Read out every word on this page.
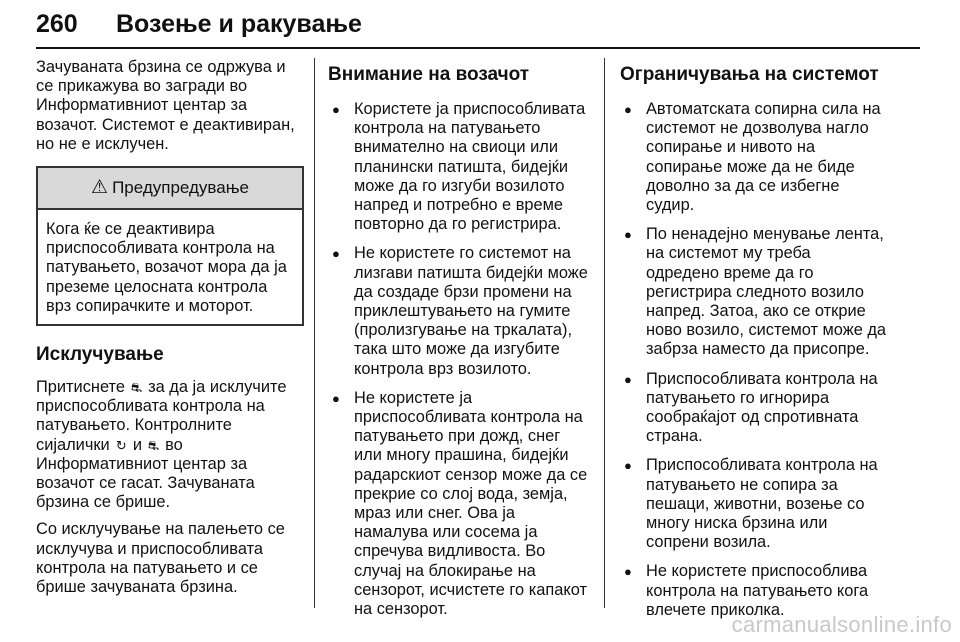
260 Возење и ракување

Зачуваната брзина се одржува и се прикажува во загради во Информативниот центар за возачот. Системот е деактивиран, но не е исклучен.

⚠ Предупредување
Кога ќе се деактивира приспособливата контрола на патувањето, возачот мора да ја преземе целосната контрола врз сопирачките и моторот.
Исклучување

Притиснете ⛐ за да ја исклучите приспособливата контрола на патувањето. Контролните сијалички ↻ и ⛐ во Информативниот центар за возачот се гасат. Зачуваната брзина се брише.

Со исклучување на палењето се исклучува и приспособливата контрола на патувањето и се брише зачуваната брзина.

Внимание на возачот
● Користете ја приспособливата контрола на патувањето внимателно на свиоци или планински патишта, бидејќи може да го изгуби возилото напред и потребно е време повторно да го регистрира.
● Не користете го системот на лизгави патишта бидејќи може да создаде брзи промени на приклештувањето на гумите (пролизгување на тркалата), така што може да изгубите контрола врз возилото.
● Не користете ја приспособливата контрола на патувањето при дожд, снег или многу прашина, бидејќи радарскиот сензор може да се прекрие со слој вода, земја, мраз или снег. Ова ја намалува или сосема ја спречува видливоста. Во случај на блокирање на сензорот, исчистете го капакот на сензорот.
Ограничувања на системот
● Автоматската сопирна сила на системот не дозволува нагло сопирање и нивото на сопирање може да не биде доволно за да се избегне судир.
● По ненадејно менување лента, на системот му треба одредено време да го регистрира следното возило напред. Затоа, ако се открие ново возило, системот може да забрза наместо да присопре.
● Приспособливата контрола на патувањето го игнорира сообраќајот од спротивната страна.
● Приспособливата контрола на патувањето не сопира за пешаци, животни, возење со многу ниска брзина или сопрени возила.
● Не користете приспособлива контрола на патувањето кога влечете приколка.
carmanualsonline.info
